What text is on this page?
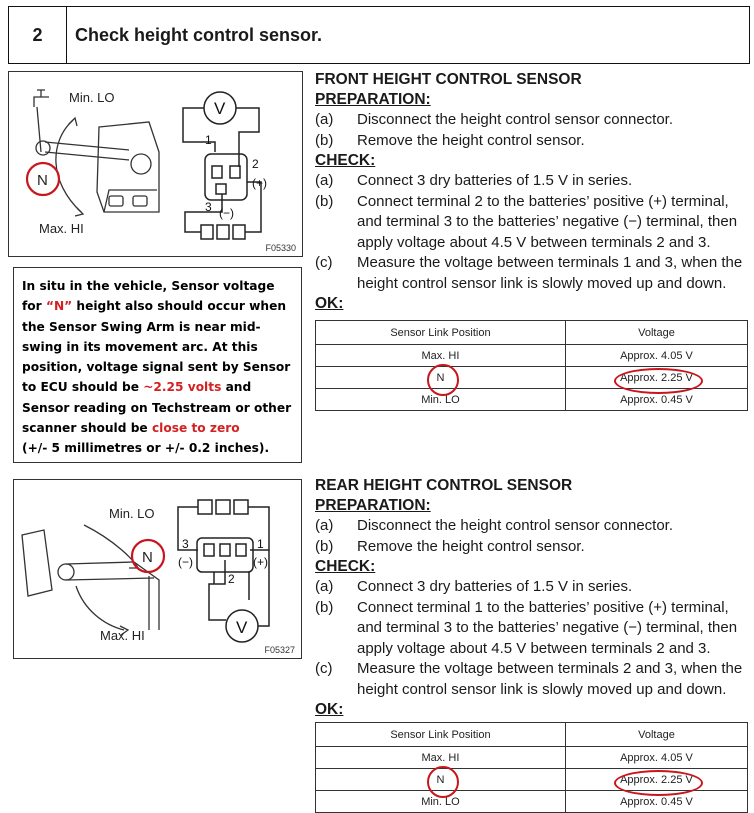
2	Check height control sensor.
Min. LO
Max. HI
N
V
1
2
(+)
3 (−)
F05330
In situ in the vehicle, Sensor voltage for “N” height also should occur when the Sensor Swing Arm is near mid-swing in its movement arc. At this position, voltage signal sent by Sensor to ECU should be ~2.25 volts and Sensor reading on Techstream or other scanner should be close to zero
(+/- 5 millimetres or +/- 0.2 inches).
FRONT HEIGHT CONTROL SENSOR
PREPARATION:
(a)	Disconnect the height control sensor connector.
(b)	Remove the height control sensor.
CHECK:
(a)	Connect 3 dry batteries of 1.5 V in series.
(b)	Connect terminal 2 to the batteries’ positive (+) terminal, and terminal 3 to the batteries’ negative (−) terminal, then apply voltage about 4.5 V between terminals 2 and 3.
(c)	Measure the voltage between terminals 1 and 3, when the height control sensor link is slowly moved up and down.
OK:
Sensor Link Position	Voltage
Max. HI	Approx. 4.05 V
N	Approx. 2.25 V
Min. LO	Approx. 0.45 V
Min. LO
Max. HI
N
3
(−)
1
(+)
2
V
F05327
REAR HEIGHT CONTROL SENSOR
PREPARATION:
(a)	Disconnect the height control sensor connector.
(b)	Remove the height control sensor.
CHECK:
(a)	Connect 3 dry batteries of 1.5 V in series.
(b)	Connect terminal 1 to the batteries’ positive (+) terminal, and terminal 3 to the batteries’ negative (−) terminal, then apply voltage about 4.5 V between terminals 2 and 3.
(c)	Measure the voltage between terminals 2 and 3, when the height control sensor link is slowly moved up and down.
OK:
Sensor Link Position	Voltage
Max. HI	Approx. 4.05 V
N	Approx. 2.25 V
Min. LO	Approx. 0.45 V
